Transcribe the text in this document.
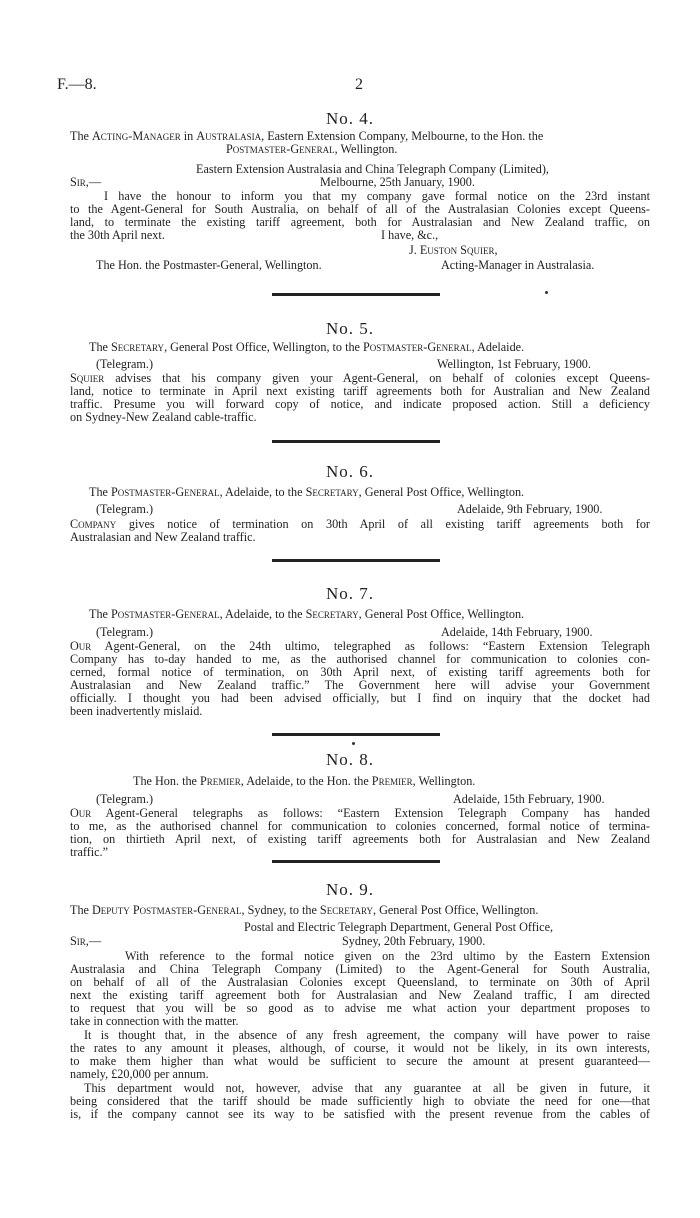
F.—8.	2
No. 4.
The Acting-Manager in Australasia, Eastern Extension Company, Melbourne, to the Hon. the
Postmaster-General, Wellington.
Eastern Extension Australasia and China Telegraph Company (Limited),
Sir,—	Melbourne, 25th January, 1900.
I have the honour to inform you that my company gave formal notice on the 23rd instant
to the Agent-General for South Australia, on behalf of all of the Australasian Colonies except Queens-
land, to terminate the existing tariff agreement, both for Australasian and New Zealand traffic, on
the 30th April next.	I have, &c.,
J. Euston Squier,
The Hon. the Postmaster-General, Wellington.	Acting-Manager in Australasia.
No. 5.
The Secretary, General Post Office, Wellington, to the Postmaster-General, Adelaide.
(Telegram.)	Wellington, 1st February, 1900.
Squier advises that his company given your Agent-General, on behalf of colonies except Queens-
land, notice to terminate in April next existing tariff agreements both for Australian and New Zealand
traffic. Presume you will forward copy of notice, and indicate proposed action. Still a deficiency
on Sydney-New Zealand cable-traffic.
No. 6.
The Postmaster-General, Adelaide, to the Secretary, General Post Office, Wellington.
(Telegram.)	Adelaide, 9th February, 1900.
Company gives notice of termination on 30th April of all existing tariff agreements both for
Australasian and New Zealand traffic.
No. 7.
The Postmaster-General, Adelaide, to the Secretary, General Post Office, Wellington.
(Telegram.)	Adelaide, 14th February, 1900.
Our Agent-General, on the 24th ultimo, telegraphed as follows: “Eastern Extension Telegraph
Company has to-day handed to me, as the authorised channel for communication to colonies con-
cerned, formal notice of termination, on 30th April next, of existing tariff agreements both for
Australasian and New Zealand traffic.” The Government here will advise your Government
officially. I thought you had been advised officially, but I find on inquiry that the docket had
been inadvertently mislaid.
No. 8.
The Hon. the Premier, Adelaide, to the Hon. the Premier, Wellington.
(Telegram.)	Adelaide, 15th February, 1900.
Our Agent-General telegraphs as follows: “Eastern Extension Telegraph Company has handed
to me, as the authorised channel for communication to colonies concerned, formal notice of termina-
tion, on thirtieth April next, of existing tariff agreements both for Australasian and New Zealand
traffic.”
No. 9.
The Deputy Postmaster-General, Sydney, to the Secretary, General Post Office, Wellington.
Postal and Electric Telegraph Department, General Post Office,
Sir,—	Sydney, 20th February, 1900.
With reference to the formal notice given on the 23rd ultimo by the Eastern Extension
Australasia and China Telegraph Company (Limited) to the Agent-General for South Australia,
on behalf of all of the Australasian Colonies except Queensland, to terminate on 30th of April
next the existing tariff agreement both for Australasian and New Zealand traffic, I am directed
to request that you will be so good as to advise me what action your department proposes to
take in connection with the matter.
It is thought that, in the absence of any fresh agreement, the company will have power to raise
the rates to any amount it pleases, although, of course, it would not be likely, in its own interests,
to make them higher than what would be sufficient to secure the amount at present guaranteed—
namely, £20,000 per annum.
This department would not, however, advise that any guarantee at all be given in future, it
being considered that the tariff should be made sufficiently high to obviate the need for one—that
is, if the company cannot see its way to be satisfied with the present revenue from the cables of
